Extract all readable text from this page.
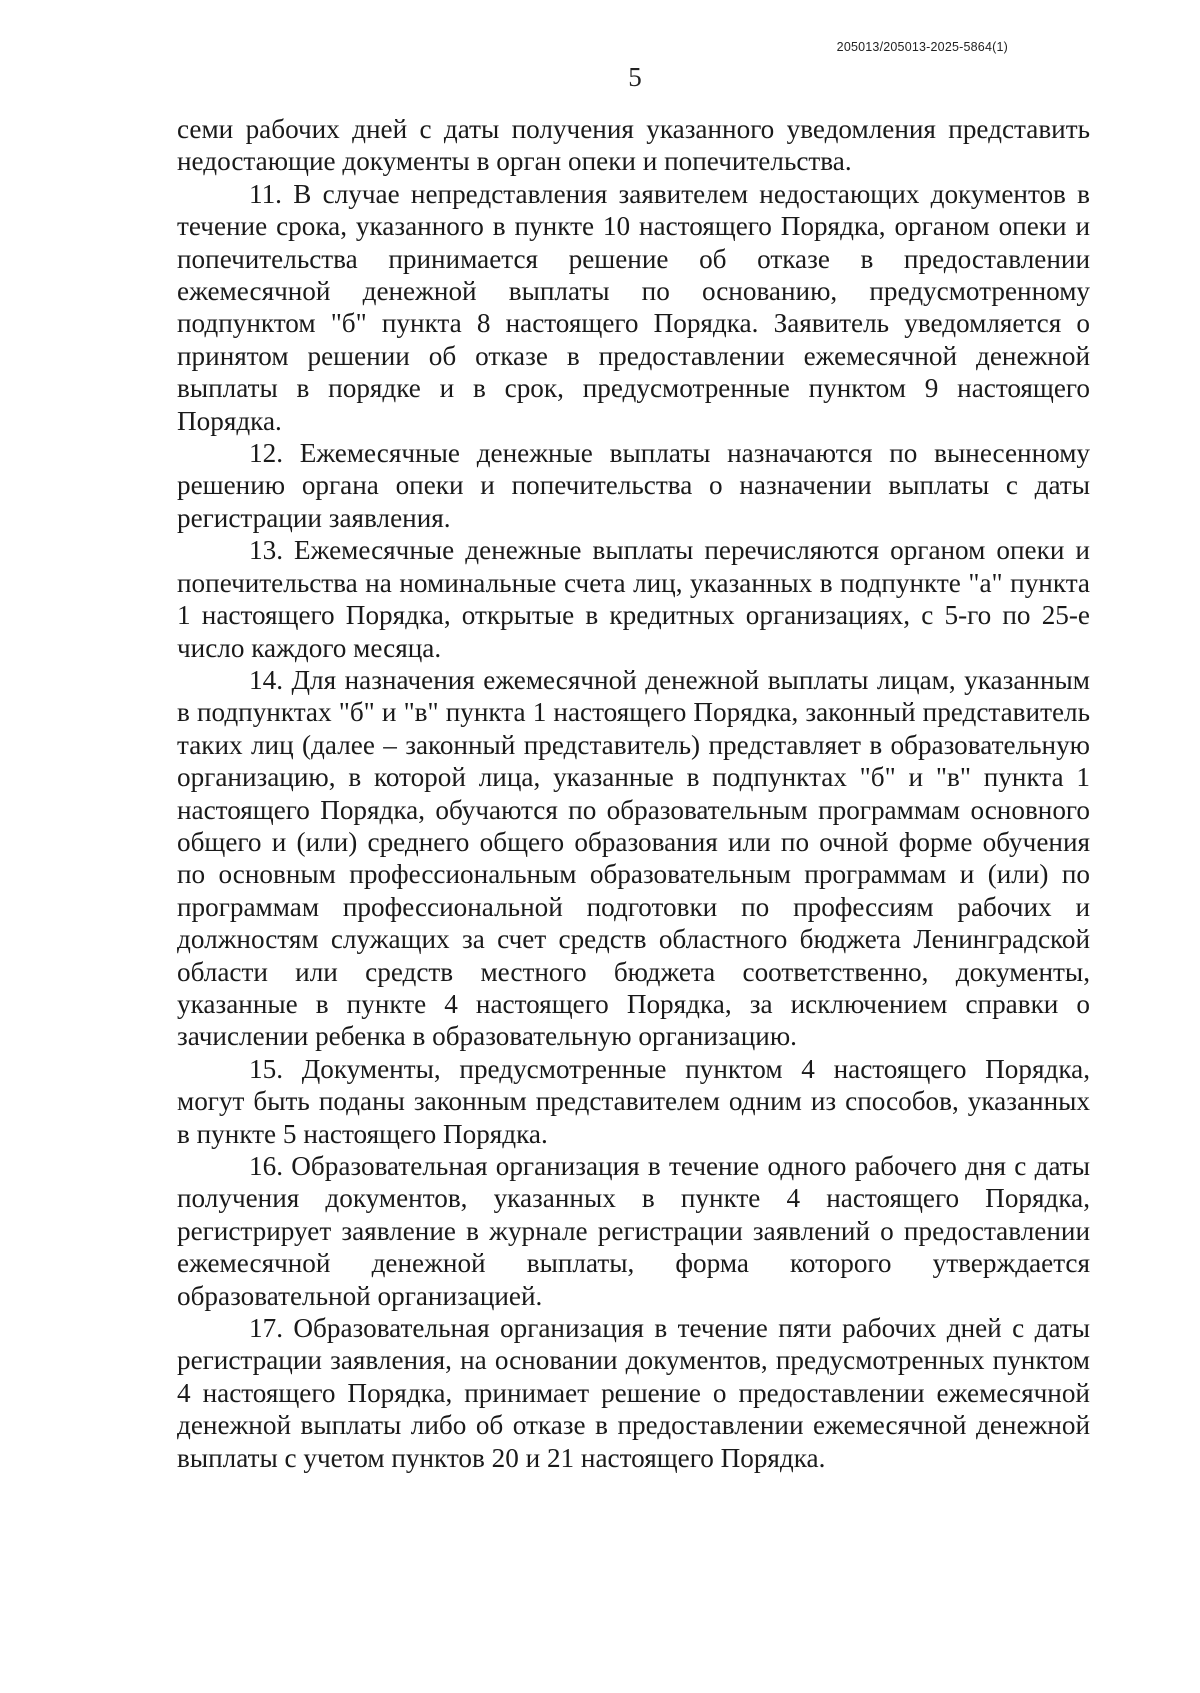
205013/205013-2025-5864(1)
5

семи рабочих дней с даты получения указанного уведомления представить недостающие документы в орган опеки и попечительства.

11. В случае непредставления заявителем недостающих документов в течение срока, указанного в пункте 10 настоящего Порядка, органом опеки и попечительства принимается решение об отказе в предоставлении ежемесячной денежной выплаты по основанию, предусмотренному подпунктом "б" пункта 8 настоящего Порядка. Заявитель уведомляется о принятом решении об отказе в предоставлении ежемесячной денежной выплаты в порядке и в срок, предусмотренные пунктом 9 настоящего Порядка.

12. Ежемесячные денежные выплаты назначаются по вынесенному решению органа опеки и попечительства о назначении выплаты с даты регистрации заявления.

13. Ежемесячные денежные выплаты перечисляются органом опеки и попечительства на номинальные счета лиц, указанных в подпункте "а" пункта 1 настоящего Порядка, открытые в кредитных организациях, с 5-го по 25-е число каждого месяца.

14. Для назначения ежемесячной денежной выплаты лицам, указанным в подпунктах "б" и "в" пункта 1 настоящего Порядка, законный представитель таких лиц (далее – законный представитель) представляет в образовательную организацию, в которой лица, указанные в подпунктах "б" и "в" пункта 1 настоящего Порядка, обучаются по образовательным программам основного общего и (или) среднего общего образования или по очной форме обучения по основным профессиональным образовательным программам и (или) по программам профессиональной подготовки по профессиям рабочих и должностям служащих за счет средств областного бюджета Ленинградской области или средств местного бюджета соответственно, документы, указанные в пункте 4 настоящего Порядка, за исключением справки о зачислении ребенка в образовательную организацию.

15. Документы, предусмотренные пунктом 4 настоящего Порядка, могут быть поданы законным представителем одним из способов, указанных в пункте 5 настоящего Порядка.

16. Образовательная организация в течение одного рабочего дня с даты получения документов, указанных в пункте 4 настоящего Порядка, регистрирует заявление в журнале регистрации заявлений о предоставлении ежемесячной денежной выплаты, форма которого утверждается образовательной организацией.

17. Образовательная организация в течение пяти рабочих дней с даты регистрации заявления, на основании документов, предусмотренных пунктом 4 настоящего Порядка, принимает решение о предоставлении ежемесячной денежной выплаты либо об отказе в предоставлении ежемесячной денежной выплаты с учетом пунктов 20 и 21 настоящего Порядка.
